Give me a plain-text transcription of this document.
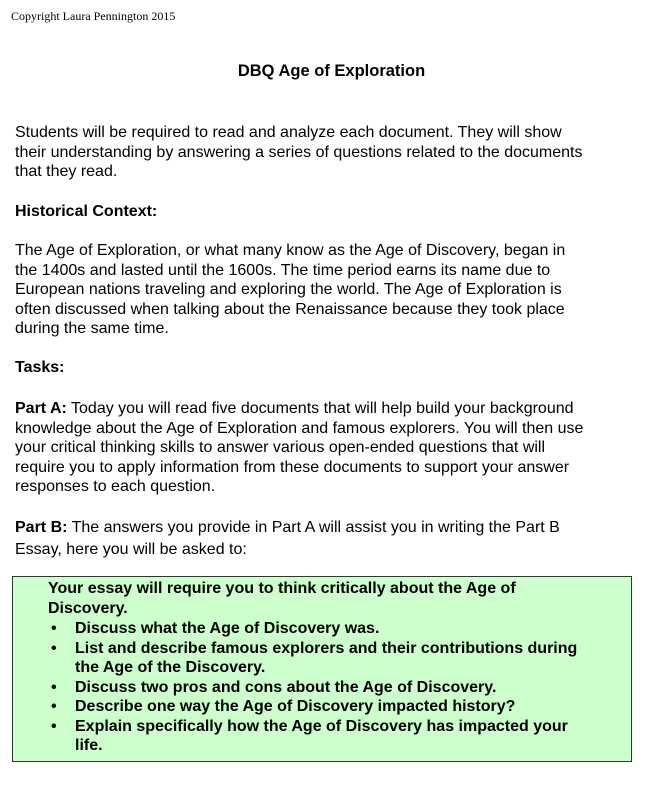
Copyright Laura Pennington 2015
DBQ Age of Exploration
Students will be required to read and analyze each document. They will show
their understanding by answering a series of questions related to the documents
that they read.
Historical Context:
The Age of Exploration, or what many know as the Age of Discovery, began in
the 1400s and lasted until the 1600s. The time period earns its name due to
European nations traveling and exploring the world. The Age of Exploration is
often discussed when talking about the Renaissance because they took place
during the same time.
Tasks:
Part A: Today you will read five documents that will help build your background
knowledge about the Age of Exploration and famous explorers. You will then use
your critical thinking skills to answer various open-ended questions that will
require you to apply information from these documents to support your answer
responses to each question.
Part B: The answers you provide in Part A will assist you in writing the Part B
Essay, here you will be asked to:
Your essay will require you to think critically about the Age of
Discovery.
• Discuss what the Age of Discovery was.
• List and describe famous explorers and their contributions during
the Age of the Discovery.
• Discuss two pros and cons about the Age of Discovery.
• Describe one way the Age of Discovery impacted history?
• Explain specifically how the Age of Discovery has impacted your
life.
